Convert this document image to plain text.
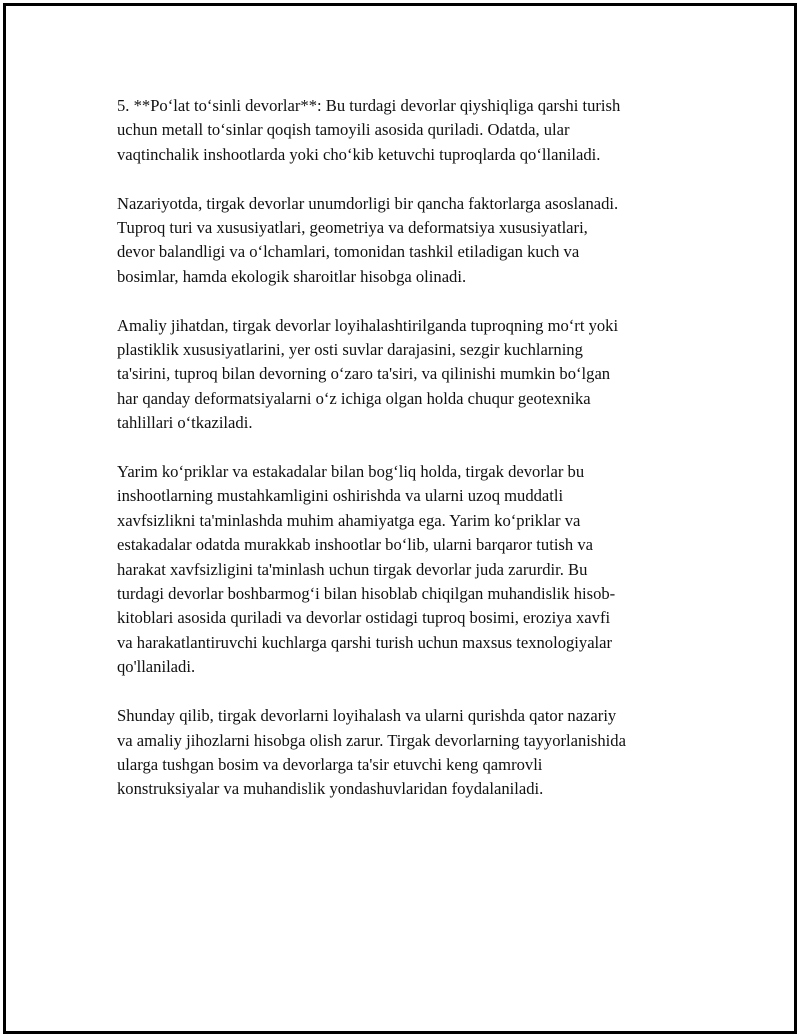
5. **Poʻlat toʻsinli devorlar**: Bu turdagi devorlar qiyshiqligа qarshi turish
uchun metall toʻsinlar qoqish tamoyili asosida quriladi. Odatda, ular
vaqtinchalik inshootlarda yoki choʻkib ketuvchi tuproqlarda qoʻllaniladi.

Nazariyotda, tirgak devorlar unumdorligi bir qancha faktorlarga asoslanadi.
Tuproq turi va xususiyatlari, geometriya va deformatsiya xususiyatlari,
devor balandligi va oʻlchamlari, tomonidan tashkil etiladigan kuch va
bosimlar, hamda ekologik sharoitlar hisobga olinadi.

Amaliy jihatdan, tirgak devorlar loyihalashtirilganda tuproqning moʻrt yoki
plastiklik xususiyatlarini, yer osti suvlar darajasini, sezgir kuchlarning
ta'sirini, tuproq bilan devorning oʻzaro ta'siri, va qilinishi mumkin boʻlgan
har qanday deformatsiyalarni oʻz ichiga olgan holda chuqur geotexnika
tahlillari oʻtkaziladi.

Yarim koʻpriklar va estakadalar bilan bogʻliq holda, tirgak devorlar bu
inshootlarning mustahkamligini oshirishda va ularni uzoq muddatli
xavfsizlikni ta'minlashda muhim ahamiyatga ega. Yarim koʻpriklar va
estakadalar odatda murakkab inshootlar boʻlib, ularni barqaror tutish va
harakat xavfsizligini ta'minlash uchun tirgak devorlar juda zarurdir. Bu
turdagi devorlar boshbarmogʻi bilan hisoblab chiqilgan muhandislik hisob-
kitoblari asosida quriladi va devorlar ostidagi tuproq bosimi, eroziya xavfi
va harakatlantiruvchi kuchlarga qarshi turish uchun maxsus texnologiyalar
qo'llaniladi.

Shunday qilib, tirgak devorlarni loyihalash va ularni qurishda qator nazariy
va amaliy jihozlarni hisobga olish zarur. Tirgak devorlarning tayyorlanishida
ularga tushgan bosim va devorlarga ta'sir etuvchi keng qamrovli
konstruksiyalar va muhandislik yondashuvlaridan foydalaniladi.
